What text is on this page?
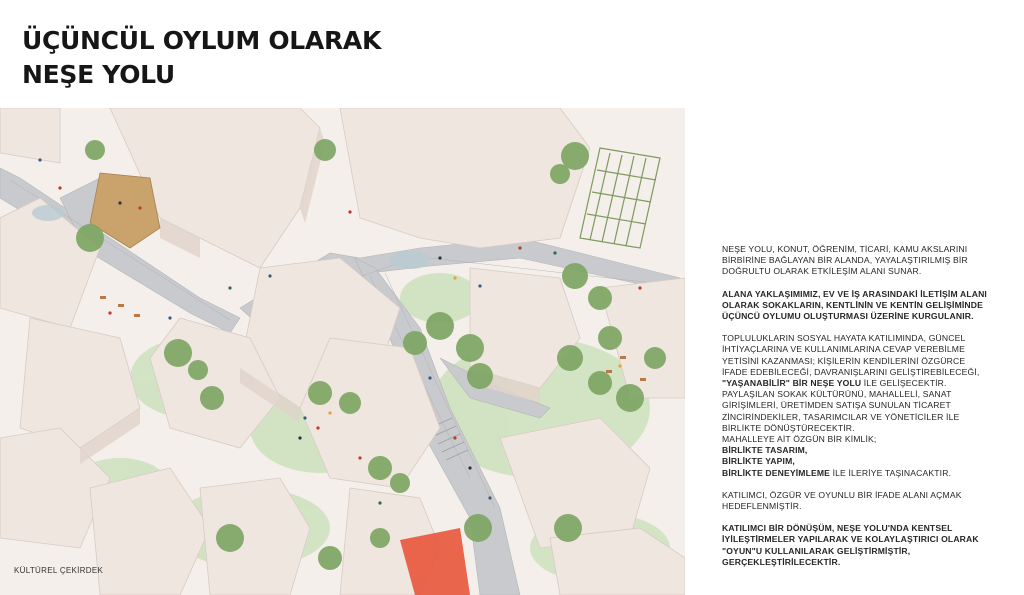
ÜÇÜNCÜL OYLUM OLARAK
NEŞE YOLU
KÜLTÜREL ÇEKİRDEK

NEŞE YOLU, KONUT, ÖĞRENİM, TİCARİ, KAMU AKSLARINI BİRBİRİNE BAĞLAYAN BİR ALANDA, YAYALAŞTIRILMIŞ BİR DOĞRULTU OLARAK ETKİLEŞİM ALANI SUNAR.

ALANA YAKLAŞIMIMIZ, EV VE İŞ ARASINDAKİ İLETİŞİM ALANI OLARAK SOKAKLARIN, KENTLİNİN VE KENTİN GELİŞİMİNDE ÜÇÜNCÜ OYLUMU OLUŞTURMASI ÜZERİNE KURGULANIR.

TOPLULUKLARIN SOSYAL HAYATA KATILIMINDA, GÜNCEL İHTİYAÇLARINA VE KULLANIMLARINA CEVAP VEREBİLME YETİSİNİ KAZANMASI; KİŞİLERİN KENDİLERİNİ ÖZGÜRCE İFADE EDEBİLECEĞİ, DAVRANIŞLARINI GELİŞTİREBİLECEĞİ,
"YAŞANABİLİR" BİR NEŞE YOLU İLE GELİŞECEKTİR.
PAYLAŞILAN SOKAK KÜLTÜRÜNÜ, MAHALLELİ, SANAT GİRİŞİMLERİ, ÜRETİMDEN SATIŞA SUNULAN TİCARET ZİNCİRİNDEKİLER, TASARIMCILAR VE YÖNETİCİLER İLE BİRLİKTE DÖNÜŞTÜRECEKTİR.
MAHALLEYE AİT ÖZGÜN BİR KİMLİK;
BİRLİKTE TASARIM,
BİRLİKTE YAPIM,
BİRLİKTE DENEYİMLEME İLE İLERİYE TAŞINACAKTIR.

KATILIMCI, ÖZGÜR VE OYUNLU BİR İFADE ALANI AÇMAK HEDEFLENMİŞTİR.

KATILIMCI BİR DÖNÜŞÜM, NEŞE YOLU'NDA KENTSEL İYİLEŞTİRMELER YAPILARAK VE KOLAYLAŞTIRICI OLARAK "OYUN"U KULLANILARAK GELİŞTİRMİŞTİR, GERÇEKLEŞTİRİLECEKTİR.
